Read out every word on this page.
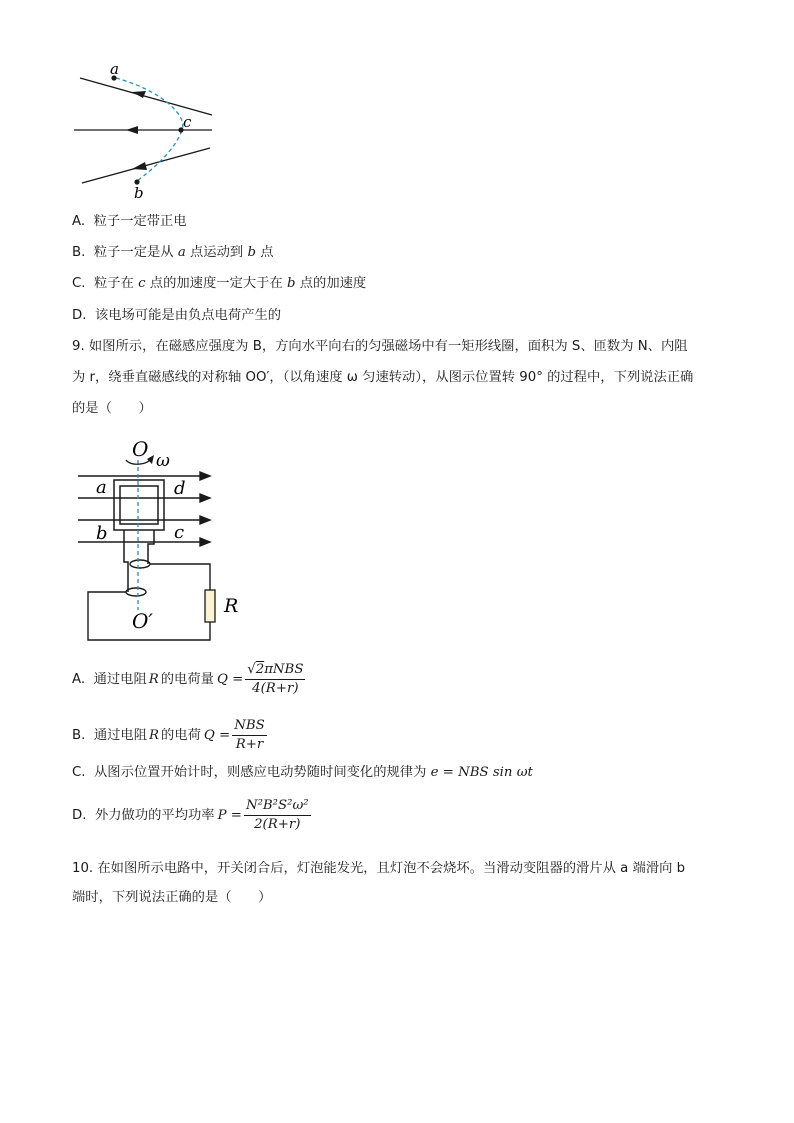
a
c
b
A. 粒子一定带正电
B. 粒子一定是从 a 点运动到 b 点
C. 粒子在 c 点的加速度一定大于在 b 点的加速度
D. 该电场可能是由负点电荷产生的
9. 如图所示，在磁感应强度为 B，方向水平向右的匀强磁场中有一矩形线圈，面积为 S、匝数为 N、内阻
为 r，绕垂直磁感线的对称轴 OO′，（以角速度 ω 匀速转动），从图示位置转 90° 的过程中，下列说法正确
的是（　　）
O ω
a	d
b	c
R
O′
A.
通过电阻 R 的电荷量 $Q = \frac{\text{√2πNBS}}{4(R+r)}$
B.
通过电阻 R 的电荷 $Q = \frac{\text{NBS}}{R+r}$
C. 从图示位置开始计时，则感应电动势随时间变化的规律为 e = NBS sin ωt
D.
外力做功的平均功率 $P = \frac{\text{N²B²S²ω²}}{2(R+r)}$
10. 在如图所示电路中，开关闭合后，灯泡能发光，且灯泡不会烧坏。当滑动变阻器的滑片从 a 端滑向 b
端时，下列说法正确的是（　　）
